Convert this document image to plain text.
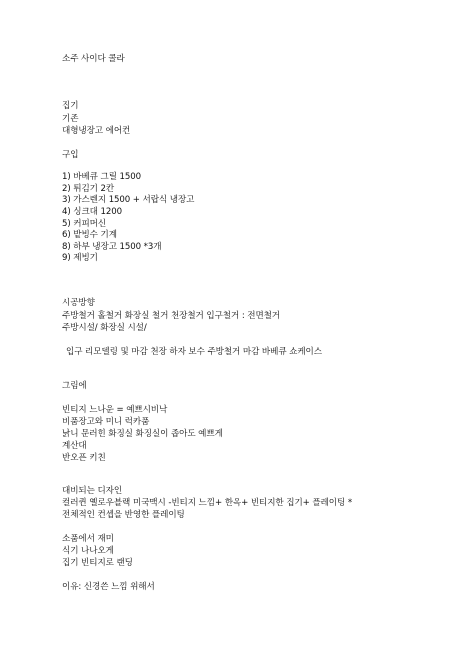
소주 사이다 콜라
집기
기존
대형냉장고 에어컨
구입
1) 바베큐 그릴 1500
2) 튀김기 2칸
3) 가스렌지 1500 + 서랍식 냉장고
4) 싱크대 1200
5) 커피머신
6) 밭빙수 기계
8) 하부 냉장고 1500 *3개
9) 제빙기
시공방향
주방철거 홀철거 화장실 철거 천장철거 입구철거 : 전면철거
주방시설/ 화장실 시설/
입구 리모델링 및 마감 천장 하자 보수 주방철거 마감 바베큐 쇼케이스
그림에
빈티지 느나운 = 예쁘시비낙
비품장고와 미니 럭카품
낡니 문러힌 화징실 화징실이 좁아도 예쁘게
계산대
반오픈 키친
대비되는 디자인
컬러퀸 옐로우블랙 미국맥시 -빈티지 느낌+ 한옥+ 빈티지한 집기+ 플레이팅 *
전체적인 컨셉을 반영한 플레이팅
소품에서 재미
식기 나나오게
집기 빈티지로 랜딩
이유: 신경쓴 느낌 위해서
